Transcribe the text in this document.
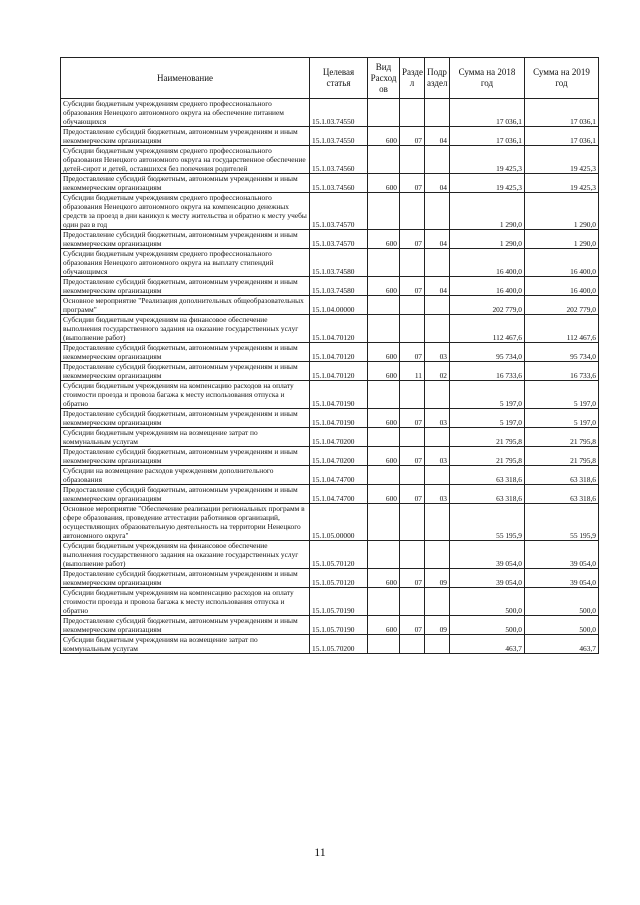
Наименование	Целевая статья	Вид Расход ов	Разде л	Подр аздел	Сумма на 2018 год	Сумма на 2019 год
Субсидии бюджетным учреждениям среднего профессионального образования Ненецкого автономного округа на обеспечение питанием обучающихся	15.1.03.74550				17 036,1	17 036,1
Предоставление субсидий бюджетным, автономным учреждениям и иным некоммерческим организациям	15.1.03.74550	600	07	04	17 036,1	17 036,1
Субсидии бюджетным учреждениям среднего профессионального образования Ненецкого автономного округа на государственное обеспечение детей-сирот и детей, оставшихся без попечения родителей	15.1.03.74560				19 425,3	19 425,3
Предоставление субсидий бюджетным, автономным учреждениям и иным некоммерческим организациям	15.1.03.74560	600	07	04	19 425,3	19 425,3
Субсидии бюджетным учреждениям среднего профессионального образования Ненецкого автономного округа на компенсацию денежных средств за проезд в дни каникул к месту жительства и обратно к месту учебы один раз в год	15.1.03.74570				1 290,0	1 290,0
Предоставление субсидий бюджетным, автономным учреждениям и иным некоммерческим организациям	15.1.03.74570	600	07	04	1 290,0	1 290,0
Субсидии бюджетным учреждениям среднего профессионального образования Ненецкого автономного округа на выплату стипендий обучающимся	15.1.03.74580				16 400,0	16 400,0
Предоставление субсидий бюджетным, автономным учреждениям и иным некоммерческим организациям	15.1.03.74580	600	07	04	16 400,0	16 400,0
Основное мероприятие "Реализация дополнительных общеобразовательных программ"	15.1.04.00000				202 779,0	202 779,0
Субсидии бюджетным учреждениям на финансовое обеспечение выполнения государственного задания на оказание государственных услуг (выполнение работ)	15.1.04.70120				112 467,6	112 467,6
Предоставление субсидий бюджетным, автономным учреждениям и иным некоммерческим организациям	15.1.04.70120	600	07	03	95 734,0	95 734,0
Предоставление субсидий бюджетным, автономным учреждениям и иным некоммерческим организациям	15.1.04.70120	600	11	02	16 733,6	16 733,6
Субсидии бюджетным учреждениям на компенсацию расходов на оплату стоимости проезда и провоза багажа к месту использования отпуска и обратно	15.1.04.70190				5 197,0	5 197,0
Предоставление субсидий бюджетным, автономным учреждениям и иным некоммерческим организациям	15.1.04.70190	600	07	03	5 197,0	5 197,0
Субсидии бюджетным учреждениям на возмещение затрат по коммунальным услугам	15.1.04.70200				21 795,8	21 795,8
Предоставление субсидий бюджетным, автономным учреждениям и иным некоммерческим организациям	15.1.04.70200	600	07	03	21 795,8	21 795,8
Субсидии на возмещение расходов учреждениям дополнительного образования	15.1.04.74700				63 318,6	63 318,6
Предоставление субсидий бюджетным, автономным учреждениям и иным некоммерческим организациям	15.1.04.74700	600	07	03	63 318,6	63 318,6
Основное мероприятие "Обеспечение реализации региональных программ в сфере образования, проведение аттестации работников организаций, осуществляющих образовательную деятельность на территории Ненецкого автономного округа"	15.1.05.00000				55 195,9	55 195,9
Субсидии бюджетным учреждениям на финансовое обеспечение выполнения государственного задания на оказание государственных услуг (выполнение работ)	15.1.05.70120				39 054,0	39 054,0
Предоставление субсидий бюджетным, автономным учреждениям и иным некоммерческим организациям	15.1.05.70120	600	07	09	39 054,0	39 054,0
Субсидии бюджетным учреждениям на компенсацию расходов на оплату стоимости проезда и провоза багажа к месту использования отпуска и обратно	15.1.05.70190				500,0	500,0
Предоставление субсидий бюджетным, автономным учреждениям и иным некоммерческим организациям	15.1.05.70190	600	07	09	500,0	500,0
Субсидии бюджетным учреждениям на возмещение затрат по коммунальным услугам	15.1.05.70200				463,7	463,7
11
